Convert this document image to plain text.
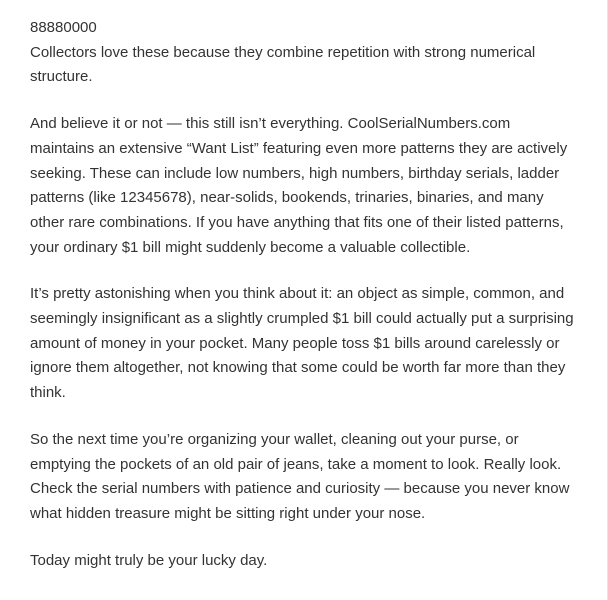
88880000

Collectors love these because they combine repetition with strong numerical structure.

And believe it or not — this still isn’t everything. CoolSerialNumbers.com maintains an extensive “Want List” featuring even more patterns they are actively seeking. These can include low numbers, high numbers, birthday serials, ladder patterns (like 12345678), near-solids, bookends, trinaries, binaries, and many other rare combinations. If you have anything that fits one of their listed patterns, your ordinary $1 bill might suddenly become a valuable collectible.

It’s pretty astonishing when you think about it: an object as simple, common, and seemingly insignificant as a slightly crumpled $1 bill could actually put a surprising amount of money in your pocket. Many people toss $1 bills around carelessly or ignore them altogether, not knowing that some could be worth far more than they think.

So the next time you’re organizing your wallet, cleaning out your purse, or emptying the pockets of an old pair of jeans, take a moment to look. Really look. Check the serial numbers with patience and curiosity — because you never know what hidden treasure might be sitting right under your nose.

Today might truly be your lucky day.
